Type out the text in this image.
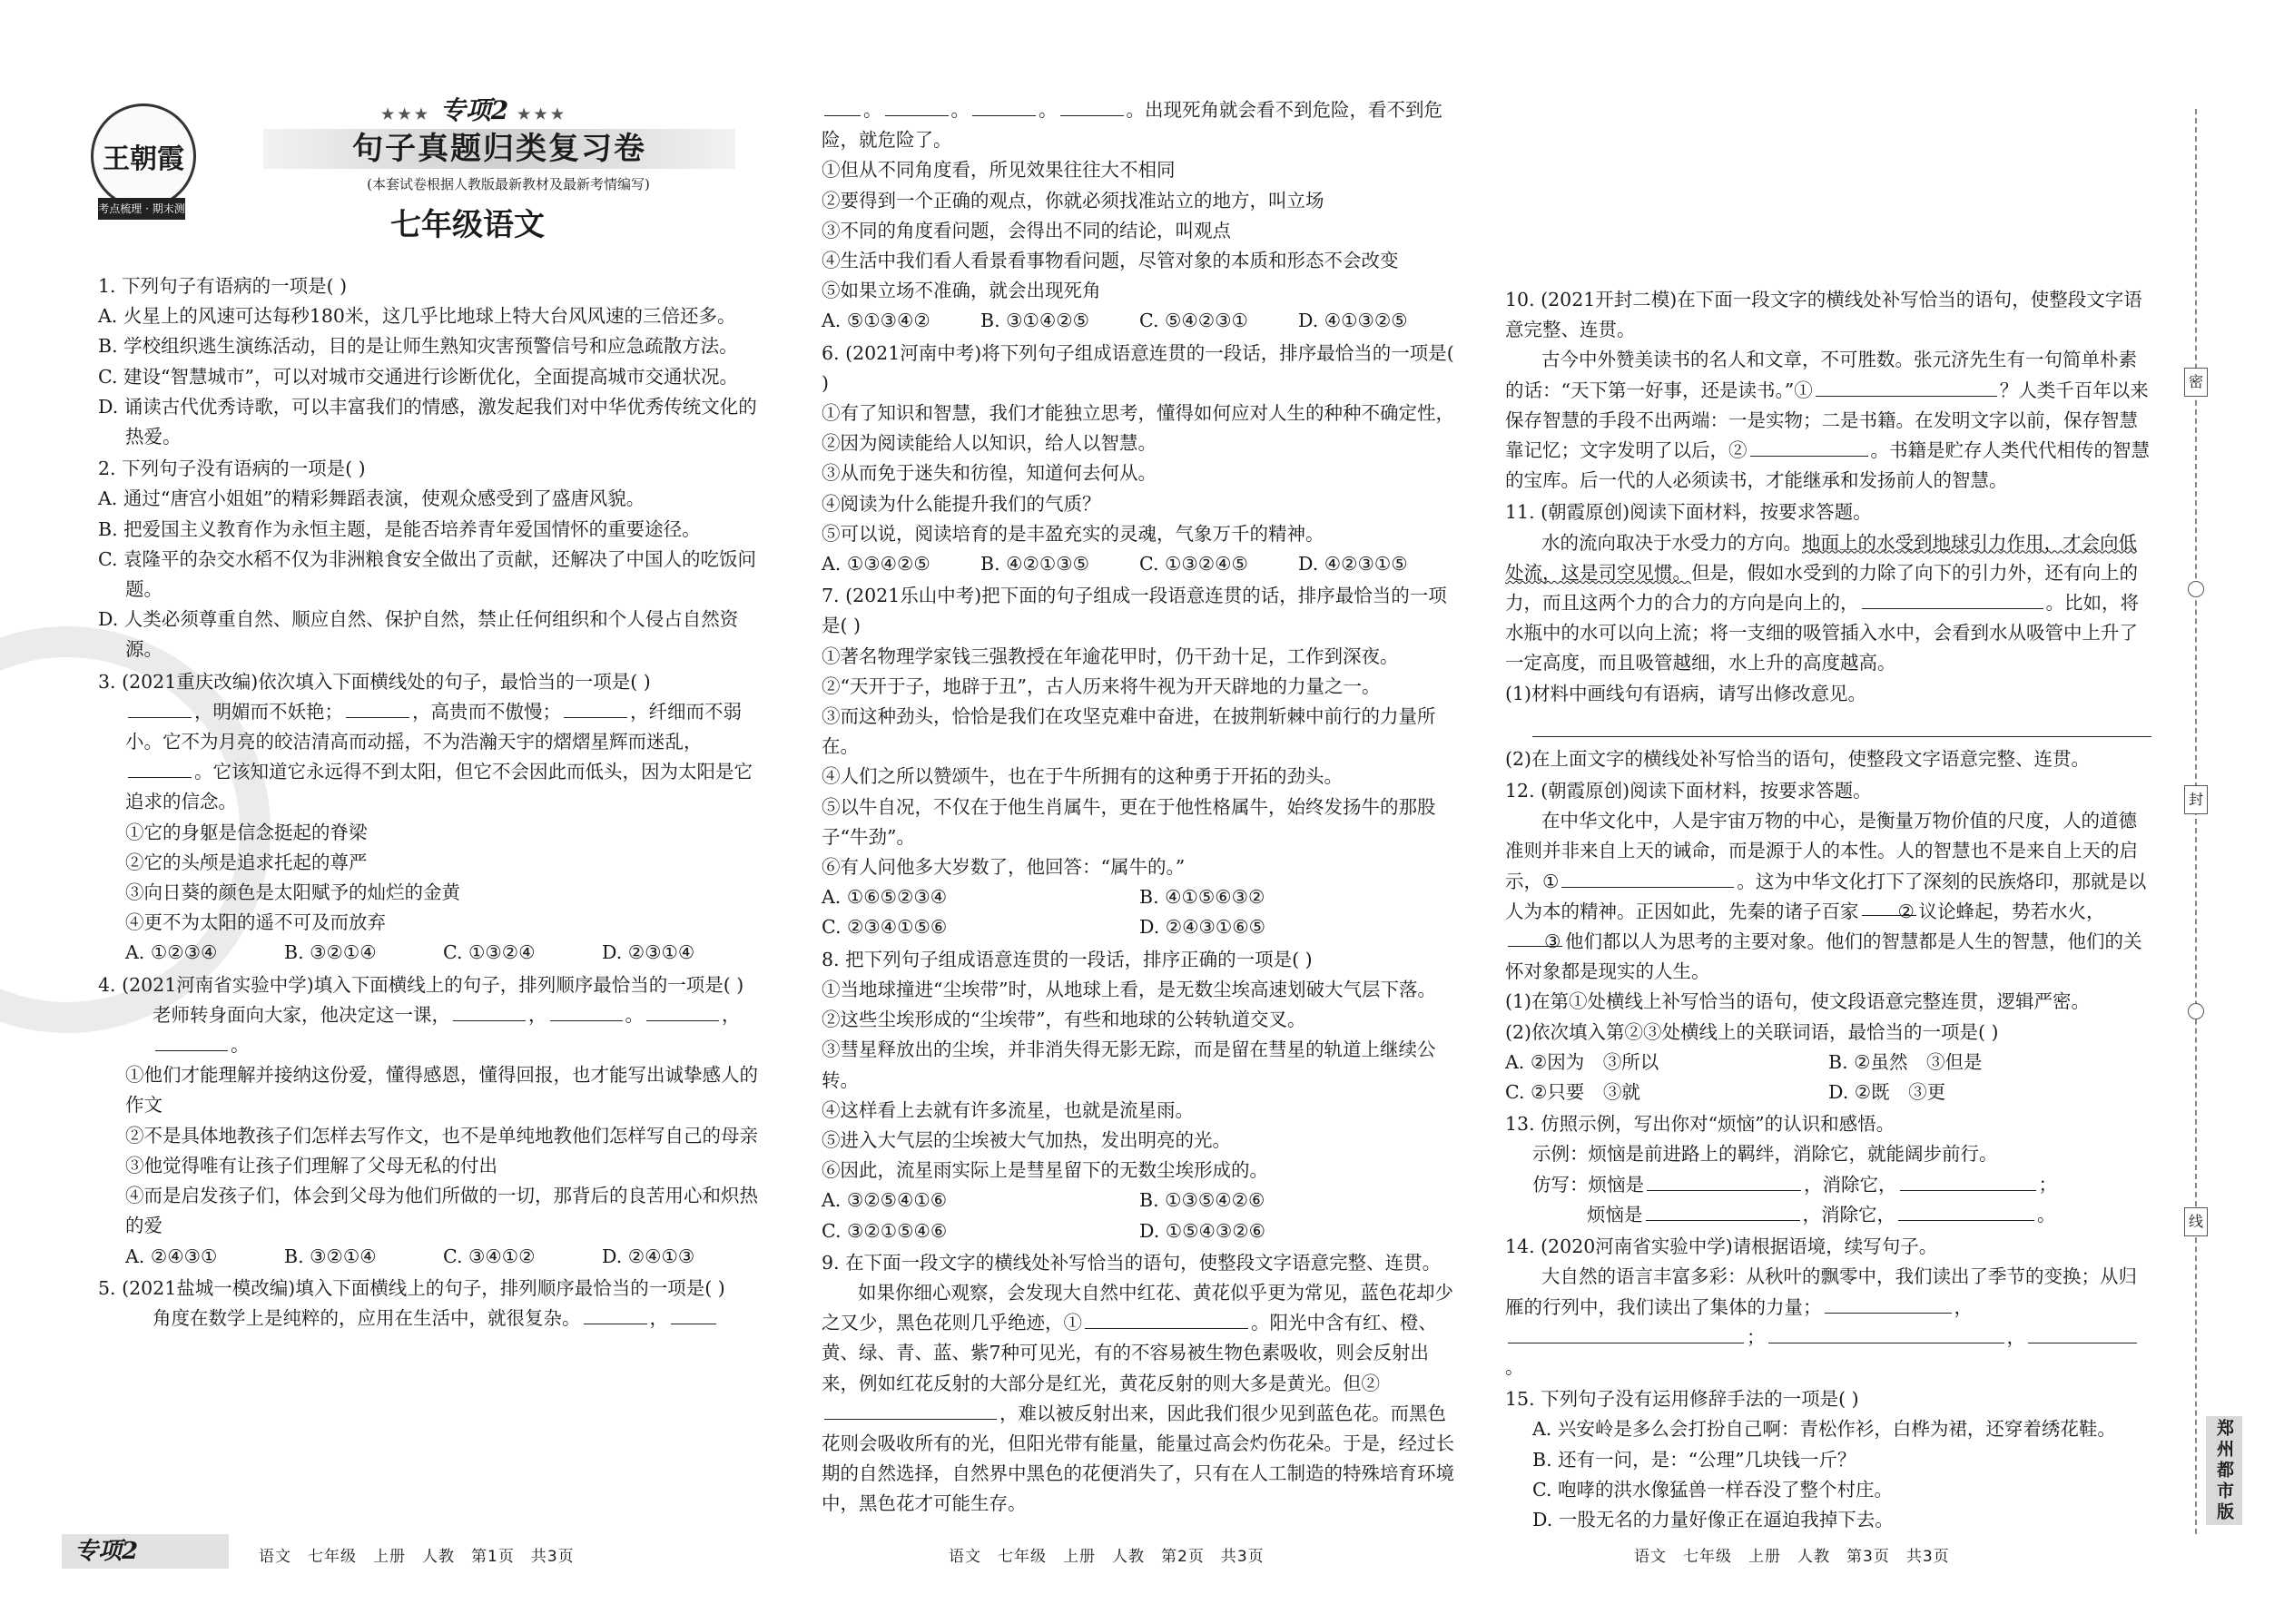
王朝霞
考点梳理 · 期末测试
★★★ 专项2 ★★★
句子真题归类复习卷
(本套试卷根据人教版最新教材及最新考情编写)
七年级语文

1. 下列句子有语病的一项是( )

A. 火星上的风速可达每秒180米，这几乎比地球上特大台风风速的三倍还多。

B. 学校组织逃生演练活动，目的是让师生熟知灾害预警信号和应急疏散方法。

C. 建设“智慧城市”，可以对城市交通进行诊断优化，全面提高城市交通状况。

D. 诵读古代优秀诗歌，可以丰富我们的情感，激发起我们对中华优秀传统文化的热爱。

2. 下列句子没有语病的一项是( )

A. 通过“唐宫小姐姐”的精彩舞蹈表演，使观众感受到了盛唐风貌。

B. 把爱国主义教育作为永恒主题，是能否培养青年爱国情怀的重要途径。

C. 袁隆平的杂交水稻不仅为非洲粮食安全做出了贡献，还解决了中国人的吃饭问题。

D. 人类必须尊重自然、顺应自然、保护自然，禁止任何组织和个人侵占自然资源。

3. (2021重庆改编)依次填入下面横线处的句子，最恰当的一项是( )

，明媚而不妖艳；	，高贵而不傲慢；	，纤细而不弱小。它不为月亮的皎洁清高而动摇，不为浩瀚天宇的熠熠星辉而迷乱，。它该知道它永远得不到太阳，但它不会因此而低头，因为太阳是它追求的信念。

①它的身躯是信念挺起的脊梁

②它的头颅是追求托起的尊严

③向日葵的颜色是太阳赋予的灿烂的金黄

④更不为太阳的遥不可及而放弃

A. ①②③④	B. ③②①④	C. ①③②④	D. ②③①④

4. (2021河南省实验中学)填入下面横线上的句子，排列顺序最恰当的一项是( )

老师转身面向大家，他决定这一课，	，	。	，。

①他们才能理解并接纳这份爱，懂得感恩，懂得回报，也才能写出诚挚感人的作文

②不是具体地教孩子们怎样去写作文，也不是单纯地教他们怎样写自己的母亲

③他觉得唯有让孩子们理解了父母无私的付出

④而是启发孩子们，体会到父母为他们所做的一切，那背后的良苦用心和炽热的爱

A. ②④③①	B. ③②①④	C. ③④①②	D. ②④①③

5. (2021盐城一模改编)填入下面横线上的句子，排列顺序最恰当的一项是( )

角度在数学上是纯粹的，应用在生活中，就很复杂。	，

。	。	。	。出现死角就会看不到危险，看不到危险，就危险了。

①但从不同角度看，所见效果往往大不相同

②要得到一个正确的观点，你就必须找准站立的地方，叫立场

③不同的角度看问题，会得出不同的结论，叫观点

④生活中我们看人看景看事物看问题，尽管对象的本质和形态不会改变

⑤如果立场不准确，就会出现死角

A. ⑤①③④②	B. ③①④②⑤	C. ⑤④②③①	D. ④①③②⑤

6. (2021河南中考)将下列句子组成语意连贯的一段话，排序最恰当的一项是( )

①有了知识和智慧，我们才能独立思考，懂得如何应对人生的种种不确定性，

②因为阅读能给人以知识，给人以智慧。

③从而免于迷失和彷徨，知道何去何从。

④阅读为什么能提升我们的气质？

⑤可以说，阅读培育的是丰盈充实的灵魂，气象万千的精神。

A. ①③④②⑤	B. ④②①③⑤	C. ①③②④⑤	D. ④②③①⑤

7. (2021乐山中考)把下面的句子组成一段语意连贯的话，排序最恰当的一项是( )

①著名物理学家钱三强教授在年逾花甲时，仍干劲十足，工作到深夜。

②“天开于子，地辟于丑”，古人历来将牛视为开天辟地的力量之一。

③而这种劲头，恰恰是我们在攻坚克难中奋进，在披荆斩棘中前行的力量所在。

④人们之所以赞颂牛，也在于牛所拥有的这种勇于开拓的劲头。

⑤以牛自况，不仅在于他生肖属牛，更在于他性格属牛，始终发扬牛的那股子“牛劲”。

⑥有人问他多大岁数了，他回答：“属牛的。”

A. ①⑥⑤②③④	B. ④①⑤⑥③②
C. ②③④①⑤⑥	D. ②④③①⑥⑤

8. 把下列句子组成语意连贯的一段话，排序正确的一项是( )

①当地球撞进“尘埃带”时，从地球上看，是无数尘埃高速划破大气层下落。

②这些尘埃形成的“尘埃带”，有些和地球的公转轨道交叉。

③彗星释放出的尘埃，并非消失得无影无踪，而是留在彗星的轨道上继续公转。

④这样看上去就有许多流星，也就是流星雨。

⑤进入大气层的尘埃被大气加热，发出明亮的光。

⑥因此，流星雨实际上是彗星留下的无数尘埃形成的。

A. ③②⑤④①⑥	B. ①③⑤④②⑥
C. ③②①⑤④⑥	D. ①⑤④③②⑥

9. 在下面一段文字的横线处补写恰当的语句，使整段文字语意完整、连贯。

如果你细心观察，会发现大自然中红花、黄花似乎更为常见，蓝色花却少之又少，黑色花则几乎绝迹，①	。阳光中含有红、橙、黄、绿、青、蓝、紫7种可见光，有的不容易被生物色素吸收，则会反射出来，例如红花反射的大部分是红光，黄花反射的则大多是黄光。但②，难以被反射出来，因此我们很少见到蓝色花。而黑色花则会吸收所有的光，但阳光带有能量，能量过高会灼伤花朵。于是，经过长期的自然选择，自然界中黑色的花便消失了，只有在人工制造的特殊培育环境中，黑色花才可能生存。

10. (2021开封二模)在下面一段文字的横线处补写恰当的语句，使整段文字语意完整、连贯。

古今中外赞美读书的名人和文章，不可胜数。张元济先生有一句简单朴素的话：“天下第一好事，还是读书。”①	？人类千百年以来保存智慧的手段不出两端：一是实物；二是书籍。在发明文字以前，保存智慧靠记忆；文字发明了以后，②	。书籍是贮存人类代代相传的智慧的宝库。后一代的人必须读书，才能继承和发扬前人的智慧。

11. (朝霞原创)阅读下面材料，按要求答题。

水的流向取决于水受力的方向。地面上的水受到地球引力作用，才会向低处流，这是司空见惯。但是，假如水受到的力除了向下的引力外，还有向上的力，而且这两个力的合力的方向是向上的，	。比如，将水瓶中的水可以向上流；将一支细的吸管插入水中，会看到水从吸管中上升了一定高度，而且吸管越细，水上升的高度越高。

(1)材料中画线句有语病，请写出修改意见。

(2)在上面文字的横线处补写恰当的语句，使整段文字语意完整、连贯。

12. (朝霞原创)阅读下面材料，按要求答题。

在中华文化中，人是宇宙万物的中心，是衡量万物价值的尺度，人的道德准则并非来自上天的诫命，而是源于人的本性。人的智慧也不是来自上天的启示，①	。这为中华文化打下了深刻的民族烙印，那就是以人为本的精神。正因如此，先秦的诸子百家 ② 议论蜂起，势若水火，③ 他们都以人为思考的主要对象。他们的智慧都是人生的智慧，他们的关怀对象都是现实的人生。

(1)在第①处横线上补写恰当的语句，使文段语意完整连贯，逻辑严密。

(2)依次填入第②③处横线上的关联词语，最恰当的一项是( )

A. ②因为　③所以	B. ②虽然　③但是
C. ②只要　③就	D. ②既　③更

13. 仿照示例，写出你对“烦恼”的认识和感悟。

示例：烦恼是前进路上的羁绊，消除它，就能阔步前行。

仿写：烦恼是	，消除它，	；

烦恼是	，消除它，	。

14. (2020河南省实验中学)请根据语境，续写句子。

大自然的语言丰富多彩：从秋叶的飘零中，我们读出了季节的变换；从归雁的行列中，我们读出了集体的力量；	，；	，。

15. 下列句子没有运用修辞手法的一项是( )

A. 兴安岭是多么会打扮自己啊：青松作衫，白桦为裙，还穿着绣花鞋。

B. 还有一问，是：“公理”几块钱一斤？

C. 咆哮的洪水像猛兽一样吞没了整个村庄。

D. 一股无名的力量好像正在逼迫我掉下去。

密
封
线
郑州都市版
专项2	语文　七年级　上册　人教　第1页　共3页	语文　七年级　上册　人教　第2页　共3页	语文　七年级　上册　人教　第3页　共3页
